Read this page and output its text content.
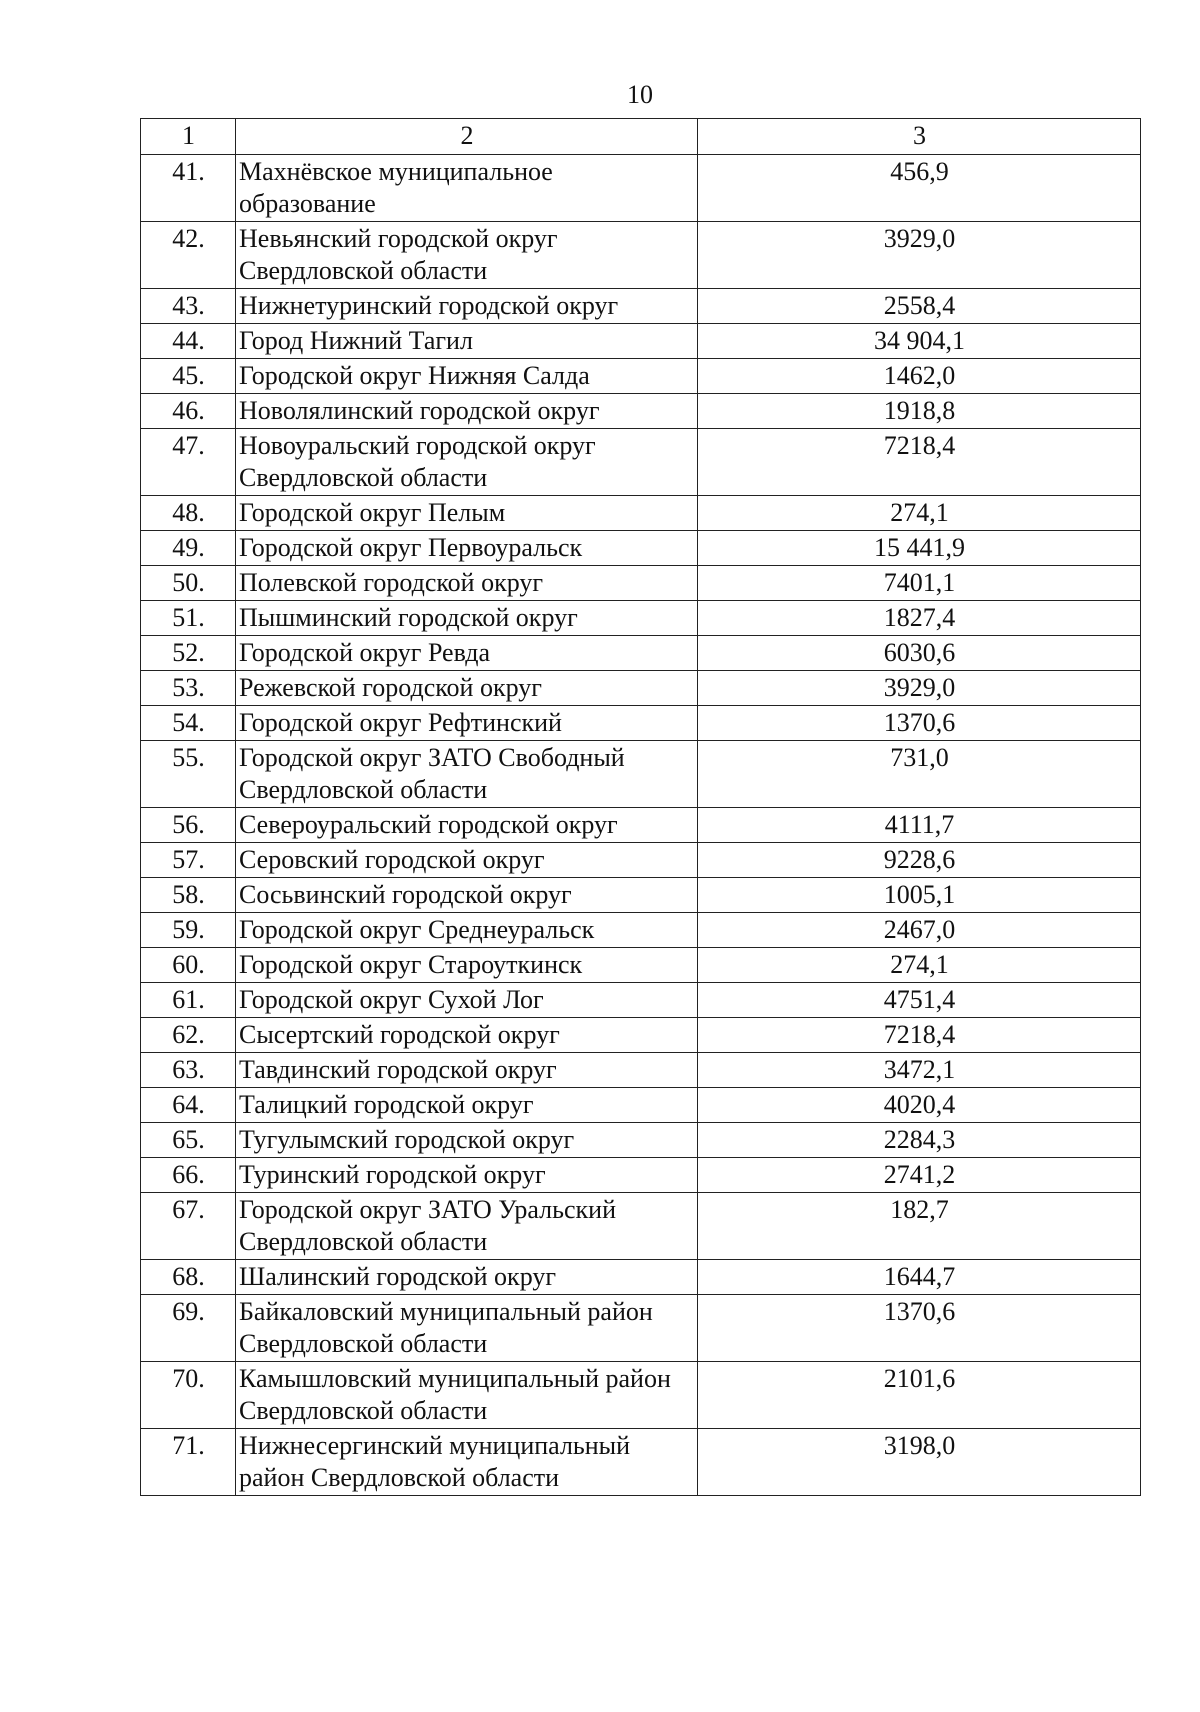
10
1	2	3
41.	Махнёвское муниципальное образование	456,9
42.	Невьянский городской округ Свердловской области	3929,0
43.	Нижнетуринский городской округ	2558,4
44.	Город Нижний Тагил	34 904,1
45.	Городской округ Нижняя Салда	1462,0
46.	Новолялинский городской округ	1918,8
47.	Новоуральский городской округ Свердловской области	7218,4
48.	Городской округ Пелым	274,1
49.	Городской округ Первоуральск	15 441,9
50.	Полевской городской округ	7401,1
51.	Пышминский городской округ	1827,4
52.	Городской округ Ревда	6030,6
53.	Режевской городской округ	3929,0
54.	Городской округ Рефтинский	1370,6
55.	Городской округ ЗАТО Свободный Свердловской области	731,0
56.	Североуральский городской округ	4111,7
57.	Серовский городской округ	9228,6
58.	Сосьвинский городской округ	1005,1
59.	Городской округ Среднеуральск	2467,0
60.	Городской округ Староуткинск	274,1
61.	Городской округ Сухой Лог	4751,4
62.	Сысертский городской округ	7218,4
63.	Тавдинский городской округ	3472,1
64.	Талицкий городской округ	4020,4
65.	Тугулымский городской округ	2284,3
66.	Туринский городской округ	2741,2
67.	Городской округ ЗАТО Уральский Свердловской области	182,7
68.	Шалинский городской округ	1644,7
69.	Байкаловский муниципальный район Свердловской области	1370,6
70.	Камышловский муниципальный район Свердловской области	2101,6
71.	Нижнесергинский муниципальный район Свердловской области	3198,0
